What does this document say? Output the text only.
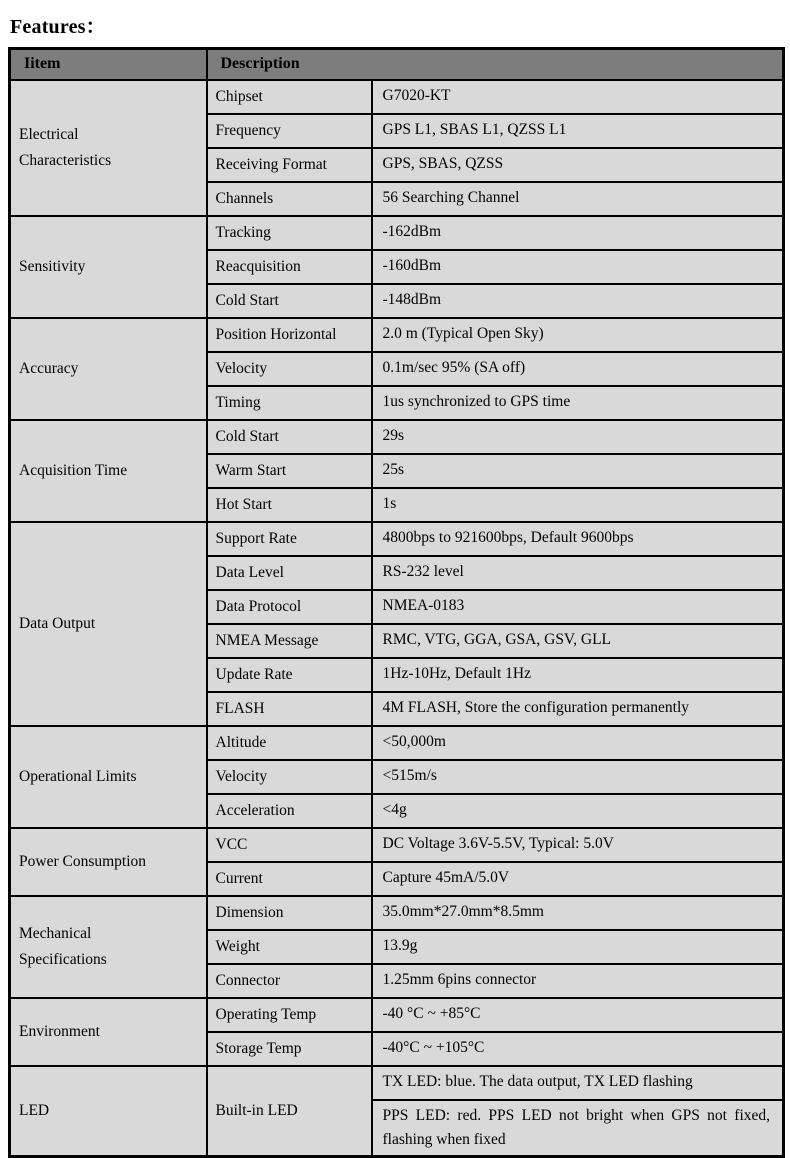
Features：
Iitem	Description	
Electrical Characteristics	Chipset	G7020-KT
	Frequency	GPS L1, SBAS L1, QZSS L1
	Receiving Format	GPS, SBAS, QZSS
	Channels	56 Searching Channel
Sensitivity	Tracking	-162dBm
	Reacquisition	-160dBm
	Cold Start	-148dBm
Accuracy	Position Horizontal	2.0 m (Typical Open Sky)
	Velocity	0.1m/sec 95% (SA off)
	Timing	1us synchronized to GPS time
Acquisition Time	Cold Start	29s
	Warm Start	25s
	Hot Start	1s
Data Output	Support Rate	4800bps to 921600bps, Default 9600bps
	Data Level	RS-232 level
	Data Protocol	NMEA-0183
	NMEA Message	RMC, VTG, GGA, GSA, GSV, GLL
	Update Rate	1Hz-10Hz, Default 1Hz
	FLASH	4M FLASH, Store the configuration permanently
Operational Limits	Altitude	<50,000m
	Velocity	<515m/s
	Acceleration	<4g
Power Consumption	VCC	DC Voltage 3.6V-5.5V, Typical: 5.0V
	Current	Capture 45mA/5.0V
Mechanical Specifications	Dimension	35.0mm*27.0mm*8.5mm
	Weight	13.9g
	Connector	1.25mm 6pins connector
Environment	Operating Temp	-40 °C ~ +85°C
	Storage Temp	-40°C ~ +105°C
LED	Built-in LED	TX LED: blue. The data output, TX LED flashing
		PPS LED: red. PPS LED not bright when GPS not fixed, flashing when fixed
